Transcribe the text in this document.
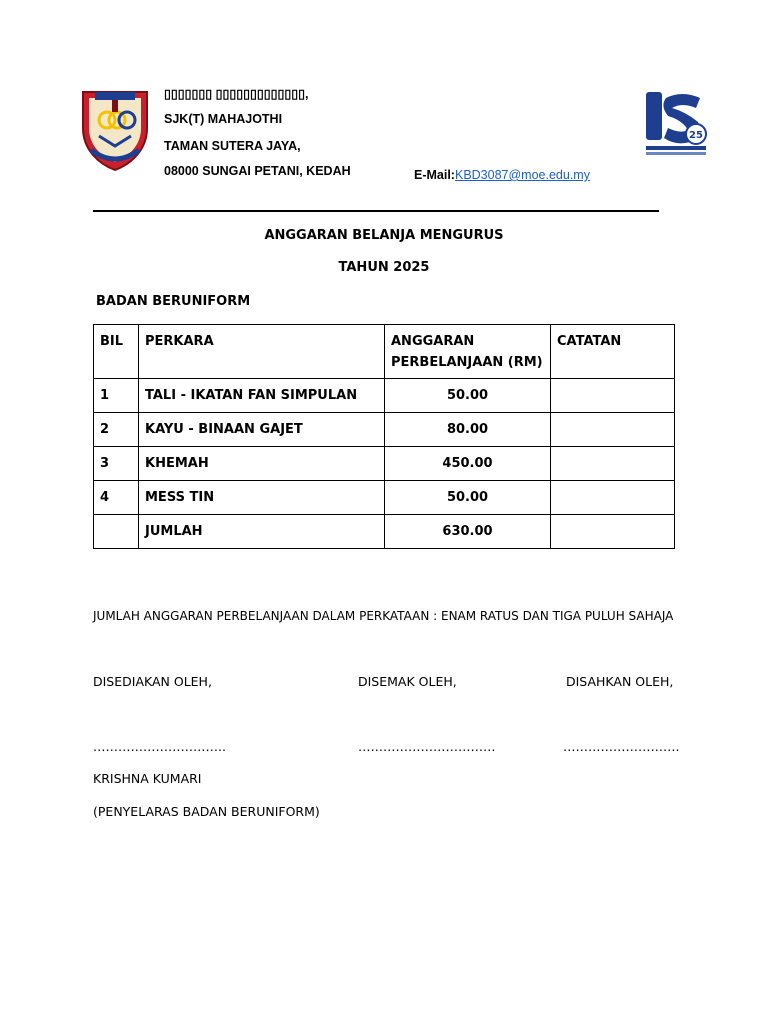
▯▯▯▯▯▯▯ ▯▯▯▯▯▯▯▯▯▯▯▯▯,
SJK(T) MAHAJOTHI
TAMAN SUTERA JAYA,
08000 SUNGAI PETANI, KEDAH	E-Mail:KBD3087@moe.edu.my
25
ANGGARAN BELANJA MENGURUS
TAHUN 2025
BADAN BERUNIFORM
BIL	PERKARA	ANGGARAN PERBELANJAAN (RM)	CATATAN
1	TALI - IKATAN FAN SIMPULAN	50.00	
2	KAYU - BINAAN GAJET	80.00	
3	KHEMAH	450.00	
4	MESS TIN	50.00	
	JUMLAH	630.00	
JUMLAH ANGGARAN PERBELANJAAN DALAM PERKATAAN : ENAM RATUS DAN TIGA PULUH SAHAJA
DISEDIAKAN OLEH,	DISEMAK OLEH,	DISAHKAN OLEH,
…………………………..	……………………………	……………………….
KRISHNA KUMARI
(PENYELARAS BADAN BERUNIFORM)
